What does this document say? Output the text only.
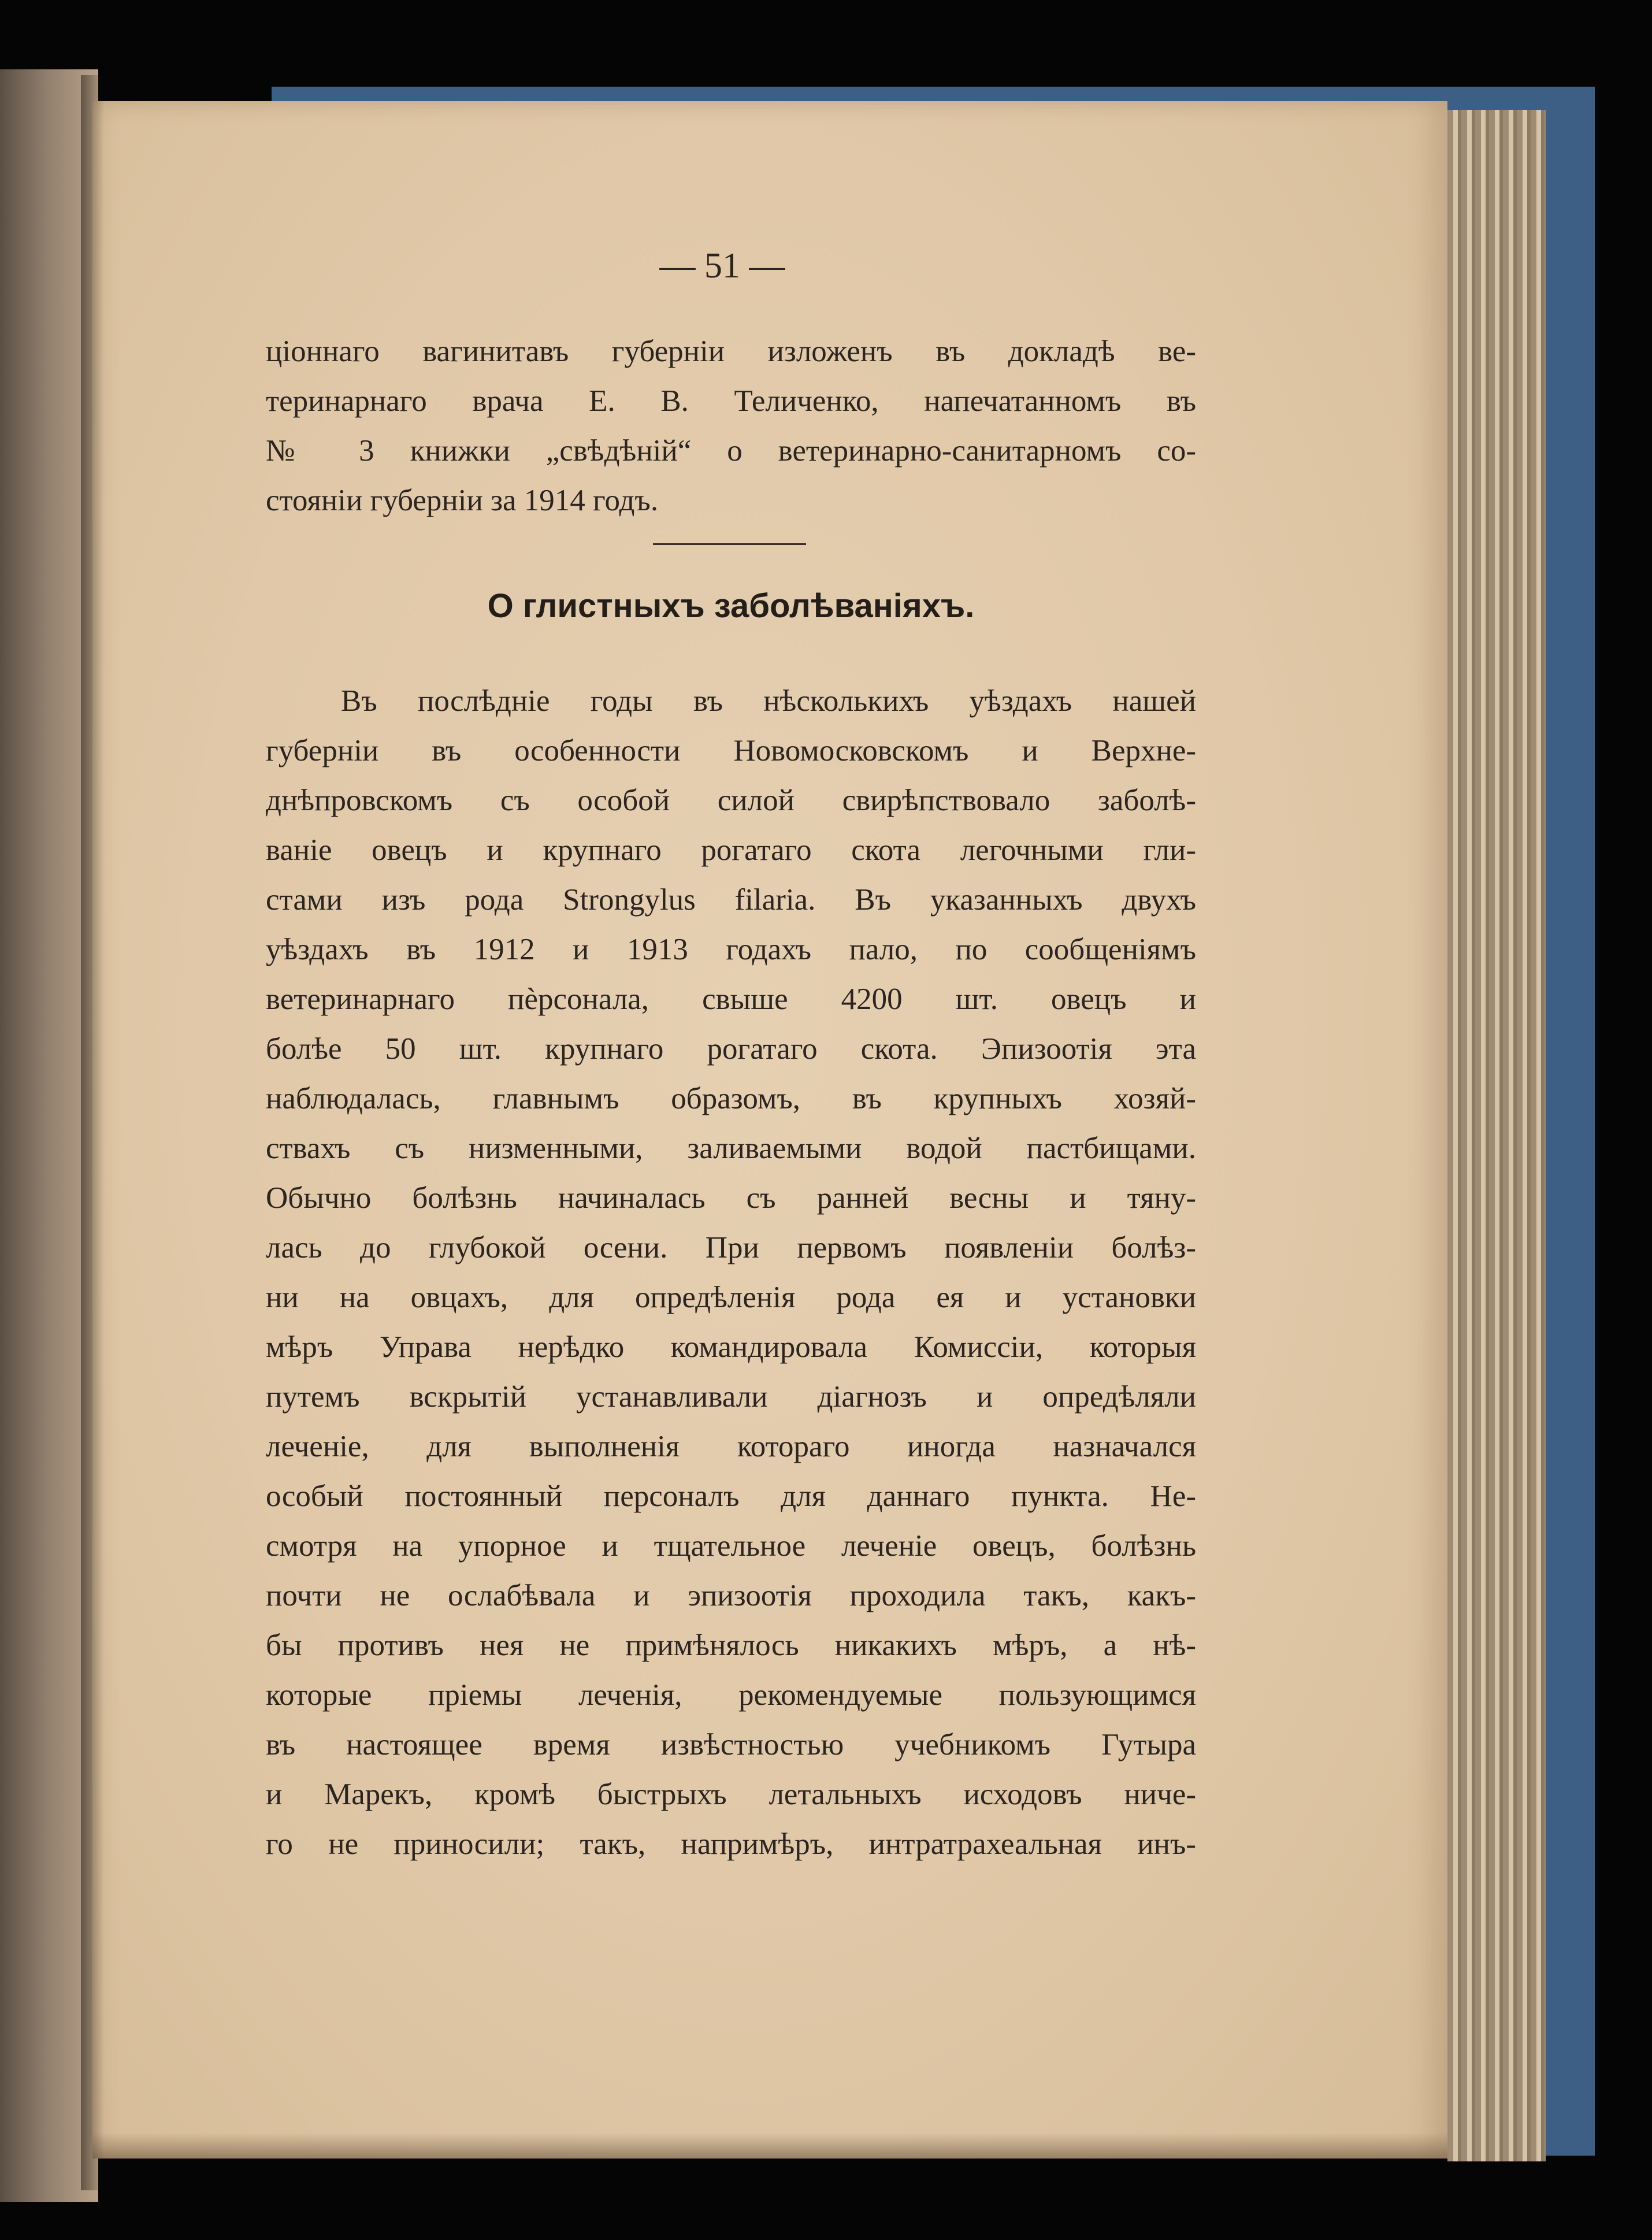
— 51 —
ціоннаго вагинитавъ губерніи изложенъ въ докладѣ ве-
теринарнаго врача Е. В. Теличенко, напечатанномъ въ
№ 3 книжки „свѣдѣній“ о ветеринарно-санитарномъ со-
стояніи губерніи за 1914 годъ.
О глистныхъ заболѣваніяхъ.
Въ послѣдніе годы въ нѣсколькихъ уѣздахъ нашей
губерніи въ особенности Новомосковскомъ и Верхне-
днѣпровскомъ съ особой силой свирѣпствовало заболѣ-
ваніе овецъ и крупнаго рогатаго скота легочными гли-
стами изъ рода Strongylus filaria. Въ указанныхъ двухъ
уѣздахъ въ 1912 и 1913 годахъ пало, по сообщеніямъ
ветеринарнаго пѐрсонала, свыше 4200 шт. овецъ и
болѣе 50 шт. крупнаго рогатаго скота. Эпизоотія эта
наблюдалась, главнымъ образомъ, въ крупныхъ хозяй-
ствахъ съ низменными, заливаемыми водой пастбищами.
Обычно болѣзнь начиналась съ ранней весны и тяну-
лась до глубокой осени. При первомъ появленіи болѣз-
ни на овцахъ, для опредѣленія рода ея и установки
мѣръ Управа нерѣдко командировала Комиссіи, которыя
путемъ вскрытій устанавливали діагнозъ и опредѣляли
леченіе, для выполненія котораго иногда назначался
особый постоянный персоналъ для даннаго пункта. Не-
смотря на упорное и тщательное леченіе овецъ, болѣзнь
почти не ослабѣвала и эпизоотія проходила такъ, какъ-
бы противъ нея не примѣнялось никакихъ мѣръ, а нѣ-
которые пріемы леченія, рекомендуемые пользующимся
въ настоящее время извѣстностью учебникомъ Гутыра
и Марекъ, кромѣ быстрыхъ летальныхъ исходовъ ниче-
го не приносили; такъ, напримѣръ, интратрахеальная инъ-
